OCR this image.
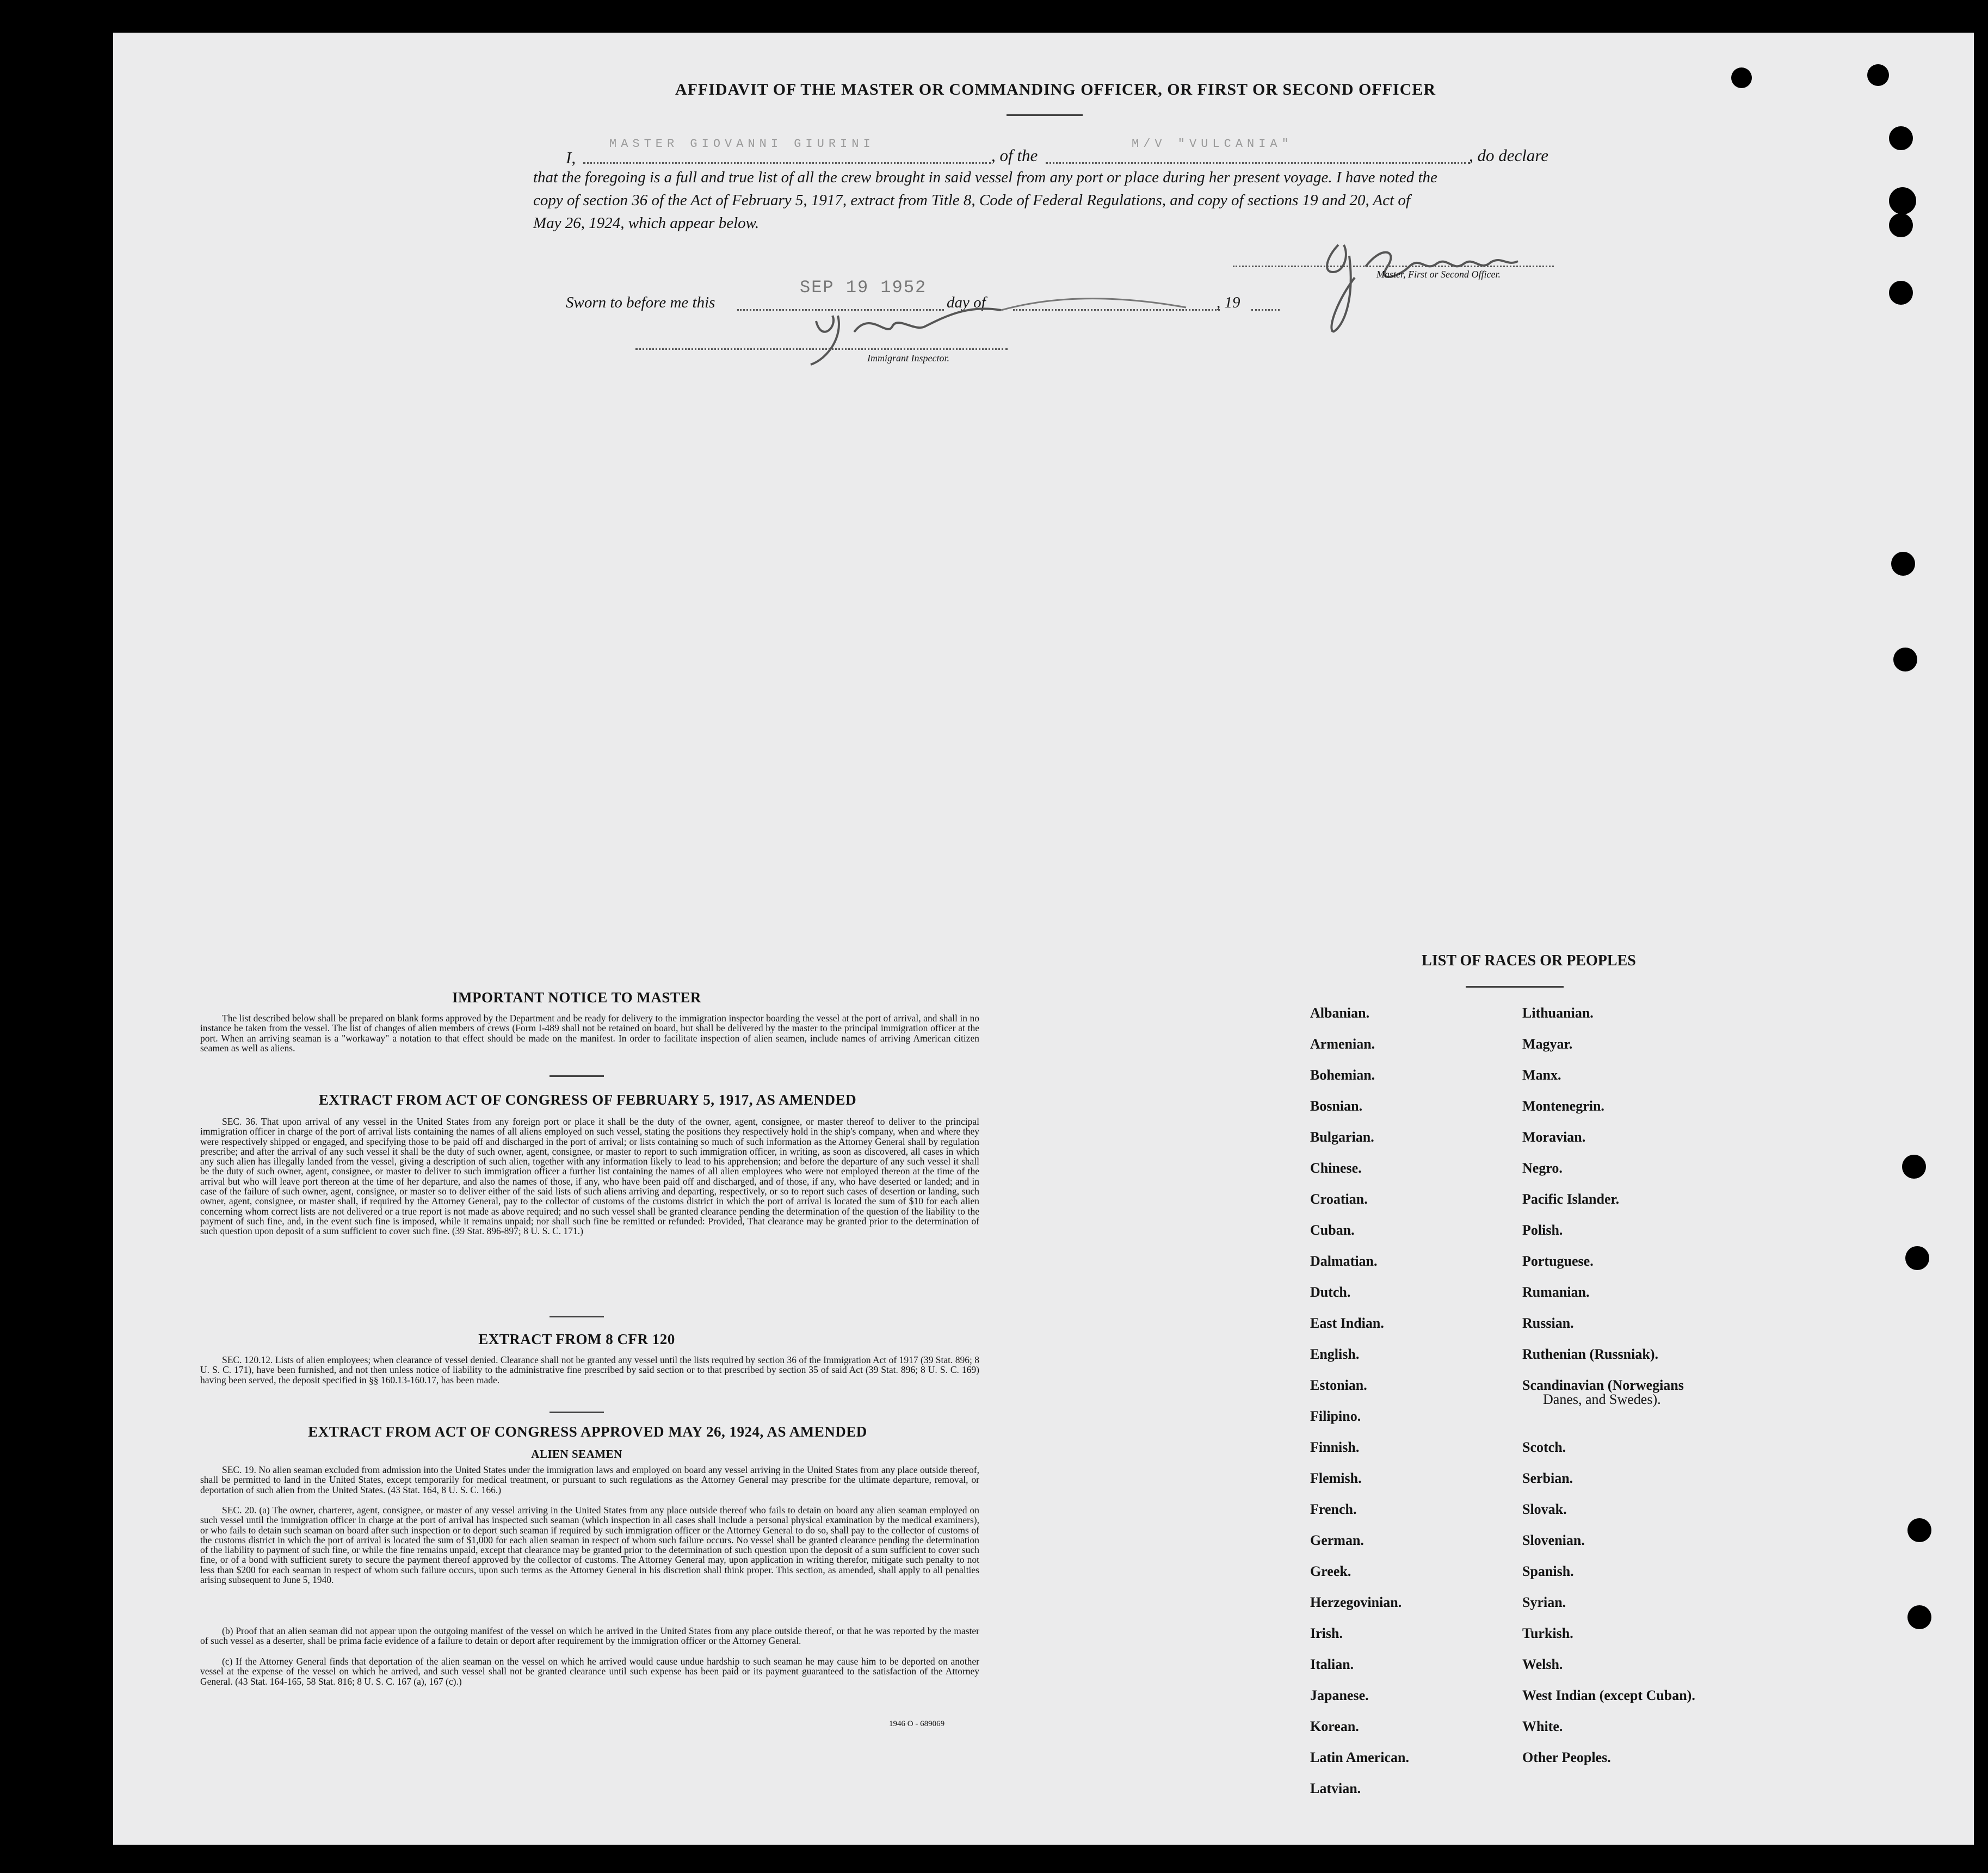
AFFIDAVIT OF THE MASTER OR COMMANDING OFFICER, OR FIRST OR SECOND OFFICER
I,
MASTER GIOVANNI GIURINI
, of the
M/V "VULCANIA"
, do declare
that the foregoing is a full and true list of all the crew brought in said vessel from any port or place during her present voyage. I have noted the
copy of section 36 of the Act of February 5, 1917, extract from Title 8, Code of Federal Regulations, and copy of sections 19 and 20, Act of
May 26, 1924, which appear below.
Master, First or Second Officer.
Sworn to before me this
SEP 19 1952
day of	, 19
Immigrant Inspector.
IMPORTANT NOTICE TO MASTER
The list described below shall be prepared on blank forms approved by the Department and be ready for delivery to the immigration inspector boarding the vessel at the port of arrival, and shall in no instance be taken from the vessel. The list of changes of alien members of crews (Form I-489 shall not be retained on board, but shall be delivered by the master to the principal immigration officer at the port. When an arriving seaman is a "workaway" a notation to that effect should be made on the manifest. In order to facilitate inspection of alien seamen, include names of arriving American citizen seamen as well as aliens.
EXTRACT FROM ACT OF CONGRESS OF FEBRUARY 5, 1917, AS AMENDED
SEC. 36. That upon arrival of any vessel in the United States from any foreign port or place it shall be the duty of the owner, agent, consignee, or master thereof to deliver to the principal immigration officer in charge of the port of arrival lists containing the names of all aliens employed on such vessel, stating the positions they respectively hold in the ship's company, when and where they were respectively shipped or engaged, and specifying those to be paid off and discharged in the port of arrival; or lists containing so much of such information as the Attorney General shall by regulation prescribe; and after the arrival of any such vessel it shall be the duty of such owner, agent, consignee, or master to report to such immigration officer, in writing, as soon as discovered, all cases in which any such alien has illegally landed from the vessel, giving a description of such alien, together with any information likely to lead to his apprehension; and before the departure of any such vessel it shall be the duty of such owner, agent, consignee, or master to deliver to such immigration officer a further list containing the names of all alien employees who were not employed thereon at the time of the arrival but who will leave port thereon at the time of her departure, and also the names of those, if any, who have been paid off and discharged, and of those, if any, who have deserted or landed; and in case of the failure of such owner, agent, consignee, or master so to deliver either of the said lists of such aliens arriving and departing, respectively, or so to report such cases of desertion or landing, such owner, agent, consignee, or master shall, if required by the Attorney General, pay to the collector of customs of the customs district in which the port of arrival is located the sum of $10 for each alien concerning whom correct lists are not delivered or a true report is not made as above required; and no such vessel shall be granted clearance pending the determination of the question of the liability to the payment of such fine, and, in the event such fine is imposed, while it remains unpaid; nor shall such fine be remitted or refunded: Provided, That clearance may be granted prior to the determination of such question upon deposit of a sum sufficient to cover such fine. (39 Stat. 896-897; 8 U. S. C. 171.)
EXTRACT FROM 8 CFR 120
SEC. 120.12. Lists of alien employees; when clearance of vessel denied. Clearance shall not be granted any vessel until the lists required by section 36 of the Immigration Act of 1917 (39 Stat. 896; 8 U. S. C. 171), have been furnished, and not then unless notice of liability to the administrative fine prescribed by said section or to that prescribed by section 35 of said Act (39 Stat. 896; 8 U. S. C. 169) having been served, the deposit specified in §§ 160.13-160.17, has been made.
EXTRACT FROM ACT OF CONGRESS APPROVED MAY 26, 1924, AS AMENDED
ALIEN SEAMEN
SEC. 19. No alien seaman excluded from admission into the United States under the immigration laws and employed on board any vessel arriving in the United States from any place outside thereof, shall be permitted to land in the United States, except temporarily for medical treatment, or pursuant to such regulations as the Attorney General may prescribe for the ultimate departure, removal, or deportation of such alien from the United States. (43 Stat. 164, 8 U. S. C. 166.)
SEC. 20. (a) The owner, charterer, agent, consignee, or master of any vessel arriving in the United States from any place outside thereof who fails to detain on board any alien seaman employed on such vessel until the immigration officer in charge at the port of arrival has inspected such seaman (which inspection in all cases shall include a personal physical examination by the medical examiners), or who fails to detain such seaman on board after such inspection or to deport such seaman if required by such immigration officer or the Attorney General to do so, shall pay to the collector of customs of the customs district in which the port of arrival is located the sum of $1,000 for each alien seaman in respect of whom such failure occurs. No vessel shall be granted clearance pending the determination of the liability to payment of such fine, or while the fine remains unpaid, except that clearance may be granted prior to the determination of such question upon the deposit of a sum sufficient to cover such fine, or of a bond with sufficient surety to secure the payment thereof approved by the collector of customs. The Attorney General may, upon application in writing therefor, mitigate such penalty to not less than $200 for each seaman in respect of whom such failure occurs, upon such terms as the Attorney General in his discretion shall think proper. This section, as amended, shall apply to all penalties arising subsequent to June 5, 1940.
(b) Proof that an alien seaman did not appear upon the outgoing manifest of the vessel on which he arrived in the United States from any place outside thereof, or that he was reported by the master of such vessel as a deserter, shall be prima facie evidence of a failure to detain or deport after requirement by the immigration officer or the Attorney General.
(c) If the Attorney General finds that deportation of the alien seaman on the vessel on which he arrived would cause undue hardship to such seaman he may cause him to be deported on another vessel at the expense of the vessel on which he arrived, and such vessel shall not be granted clearance until such expense has been paid or its payment guaranteed to the satisfaction of the Attorney General. (43 Stat. 164-165, 58 Stat. 816; 8 U. S. C. 167 (a), 167 (c).)
1946 O - 689069
LIST OF RACES OR PEOPLES
Albanian.
Armenian.
Bohemian.
Bosnian.
Bulgarian.
Chinese.
Croatian.
Cuban.
Dalmatian.
Dutch.
East Indian.
English.
Estonian.
Filipino.
Finnish.
Flemish.
French.
German.
Greek.
Herzegovinian.
Irish.
Italian.
Japanese.
Korean.
Latin American.
Latvian.
Lithuanian.
Magyar.
Manx.
Montenegrin.
Moravian.
Negro.
Pacific Islander.
Polish.
Portuguese.
Rumanian.
Russian.
Ruthenian (Russniak).
Scandinavian (Norwegians
Danes, and Swedes).
Scotch.
Serbian.
Slovak.
Slovenian.
Spanish.
Syrian.
Turkish.
Welsh.
West Indian (except Cuban).
White.
Other Peoples.
